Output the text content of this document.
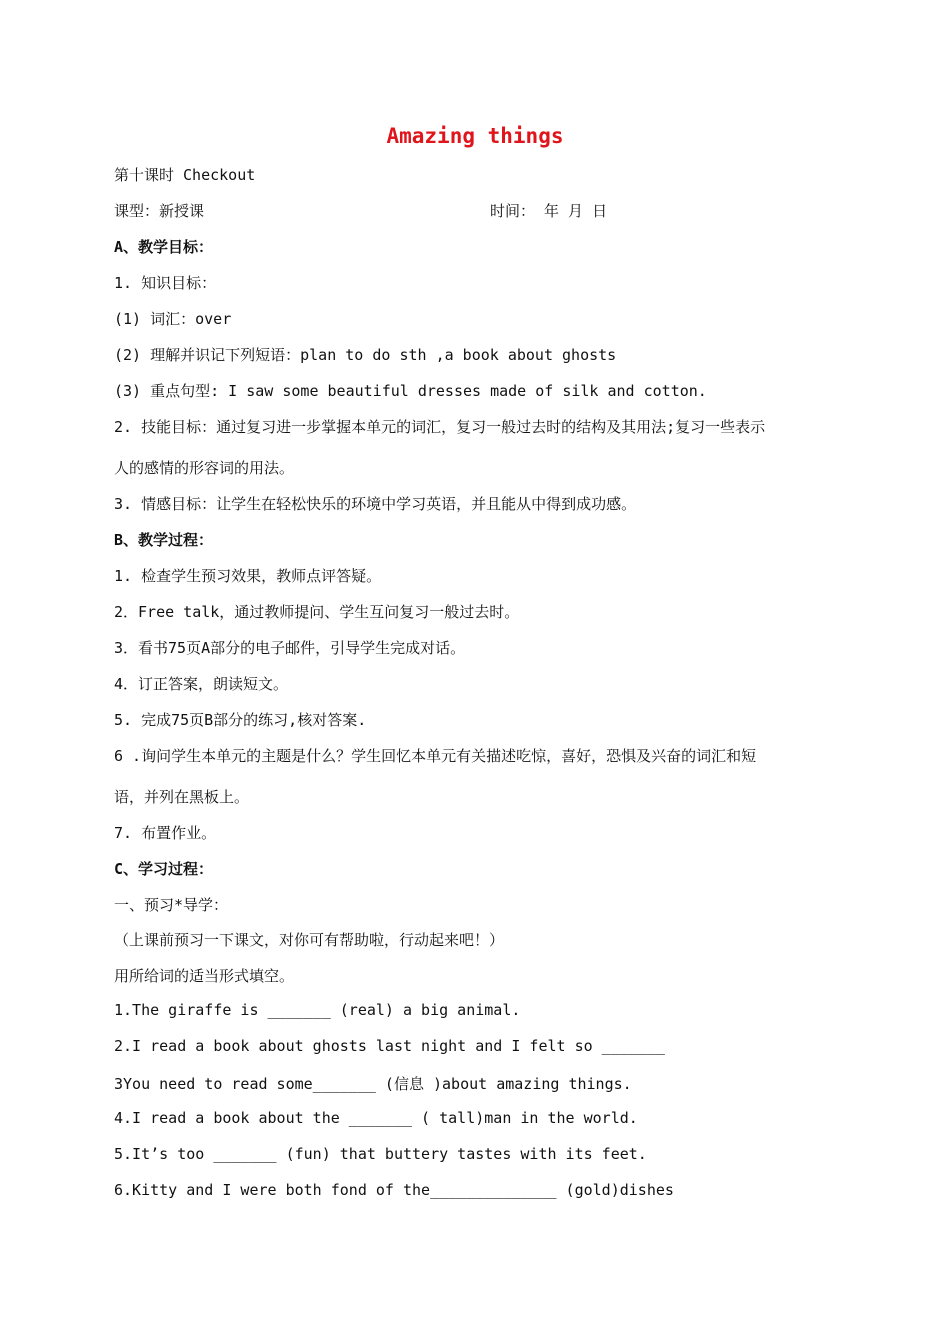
Amazing things
第十课时 Checkout
课型：新授课	时间： 年 月 日
A、教学目标：
1. 知识目标：
(1) 词汇：over
(2) 理解并识记下列短语：plan to do sth ,a book about ghosts
(3) 重点句型: I saw some beautiful dresses made of silk and cotton.
2. 技能目标：通过复习进一步掌握本单元的词汇，复习一般过去时的结构及其用法;复习一些表示
人的感情的形容词的用法。
3. 情感目标：让学生在轻松快乐的环境中学习英语，并且能从中得到成功感。
B、教学过程：
1. 检查学生预习效果，教师点评答疑。
2．Free talk，通过教师提问、学生互问复习一般过去时。
3．看书75页A部分的电子邮件，引导学生完成对话。
4．订正答案，朗读短文。
5. 完成75页B部分的练习,核对答案.
6 .询问学生本单元的主题是什么？学生回忆本单元有关描述吃惊，喜好，恐惧及兴奋的词汇和短
语，并列在黑板上。
7. 布置作业。
C、学习过程：
一、预习*导学：
（上课前预习一下课文，对你可有帮助啦，行动起来吧！）
用所给词的适当形式填空。
1.The giraffe is _______ (real) a big animal.
2.I read a book about ghosts last night and I felt so _______
3You need to read some_______ (信息 )about amazing things.
4.I read a book about the _______ ( tall)man in the world.
5.It’s too _______ (fun) that buttery tastes with its feet.
6.Kitty and I were both fond of the______________ (gold)dishes
